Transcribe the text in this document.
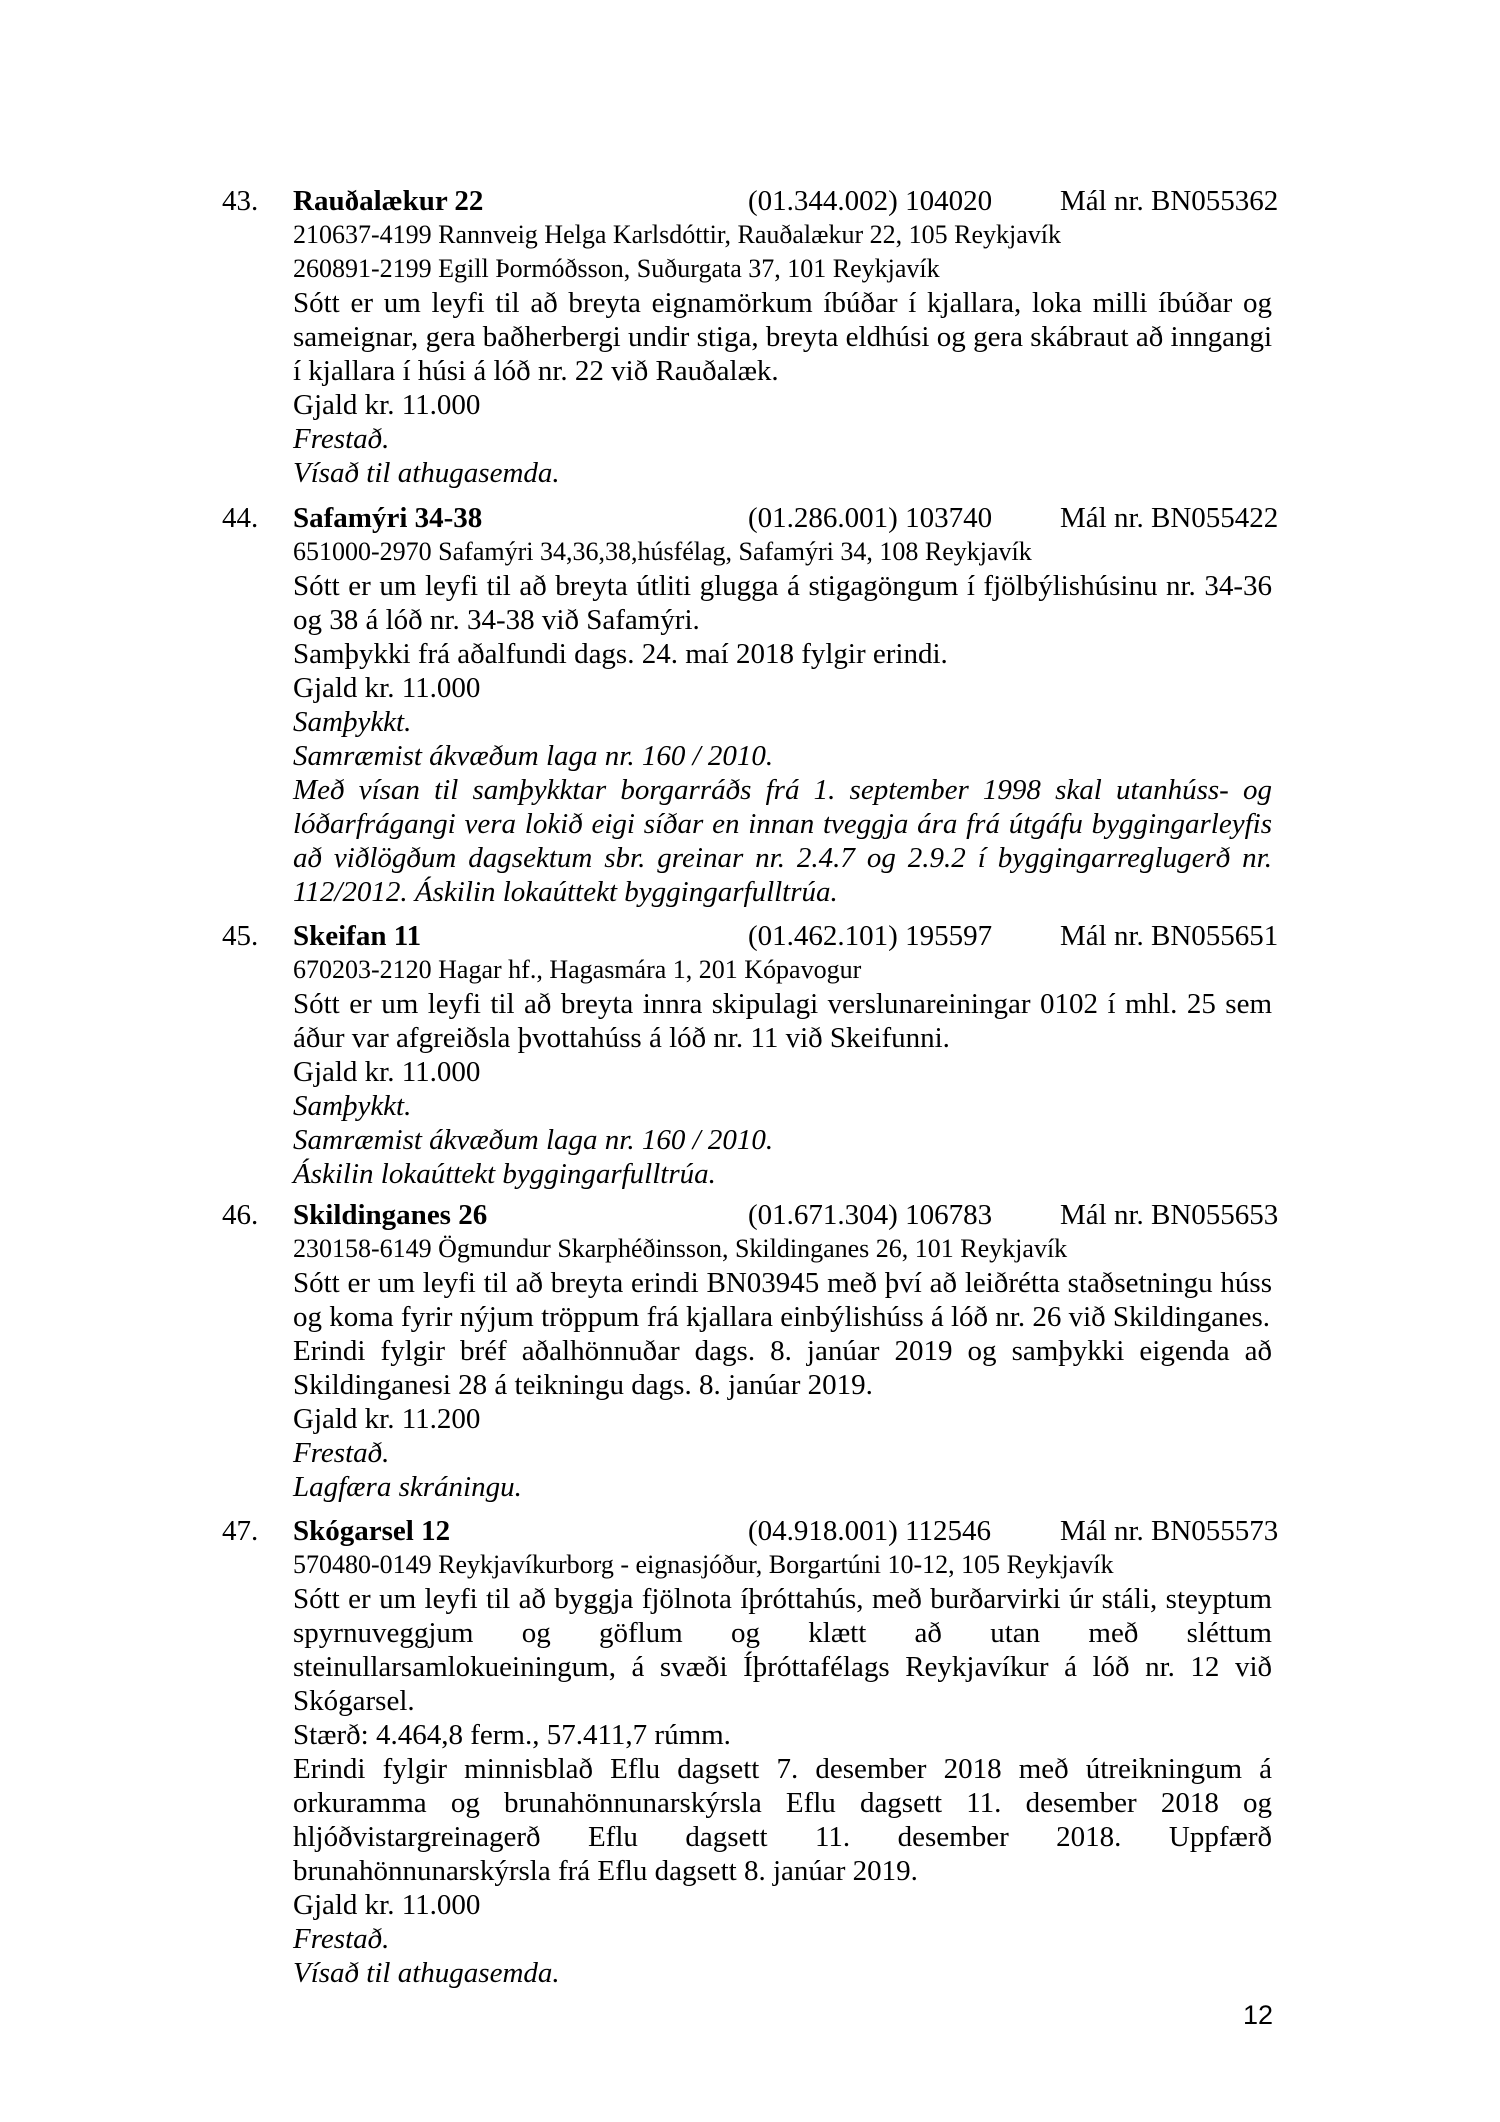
43. Rauðalækur 22	(01.344.002) 104020 Mál nr. BN055362

210637-4199 Rannveig Helga Karlsdóttir, Rauðalækur 22, 105 Reykjavík

260891-2199 Egill Þormóðsson, Suðurgata 37, 101 Reykjavík

Sótt er um leyfi til að breyta eignamörkum íbúðar í kjallara, loka milli íbúðar og sameignar, gera baðherbergi undir stiga, breyta eldhúsi og gera skábraut að inngangi í kjallara í húsi á lóð nr. 22 við Rauðalæk.

Gjald kr. 11.000

Frestað.

Vísað til athugasemda.

44. Safamýri 34-38	(01.286.001) 103740 Mál nr. BN055422

651000-2970 Safamýri 34,36,38,húsfélag, Safamýri 34, 108 Reykjavík

Sótt er um leyfi til að breyta útliti glugga á stigagöngum í fjölbýlishúsinu nr. 34-36 og 38 á lóð nr. 34-38 við Safamýri.

Samþykki frá aðalfundi dags. 24. maí 2018 fylgir erindi.

Gjald kr. 11.000

Samþykkt.

Samræmist ákvæðum laga nr. 160 / 2010.

Með vísan til samþykktar borgarráðs frá 1. september 1998 skal utanhúss- og lóðarfrágangi vera lokið eigi síðar en innan tveggja ára frá útgáfu byggingarleyfis að viðlögðum dagsektum sbr. greinar nr. 2.4.7 og 2.9.2 í byggingarreglugerð nr. 112/2012. Áskilin lokaúttekt byggingarfulltrúa.

45. Skeifan 11	(01.462.101) 195597 Mál nr. BN055651

670203-2120 Hagar hf., Hagasmára 1, 201 Kópavogur

Sótt er um leyfi til að breyta innra skipulagi verslunareiningar 0102 í mhl. 25 sem áður var afgreiðsla þvottahúss á lóð nr. 11 við Skeifunni.

Gjald kr. 11.000

Samþykkt.

Samræmist ákvæðum laga nr. 160 / 2010.

Áskilin lokaúttekt byggingarfulltrúa.

46. Skildinganes 26	(01.671.304) 106783 Mál nr. BN055653

230158-6149 Ögmundur Skarphéðinsson, Skildinganes 26, 101 Reykjavík

Sótt er um leyfi til að breyta erindi BN03945 með því að leiðrétta staðsetningu húss og koma fyrir nýjum tröppum frá kjallara einbýlishúss á lóð nr. 26 við Skildinganes.

Erindi fylgir bréf aðalhönnuðar dags. 8. janúar 2019 og samþykki eigenda að Skildinganesi 28 á teikningu dags. 8. janúar 2019.

Gjald kr. 11.200

Frestað.

Lagfæra skráningu.

47. Skógarsel 12	(04.918.001) 112546 Mál nr. BN055573

570480-0149 Reykjavíkurborg - eignasjóður, Borgartúni 10-12, 105 Reykjavík

Sótt er um leyfi til að byggja fjölnota íþróttahús, með burðarvirki úr stáli, steyptum spyrnuveggjum og göflum og klætt að utan með sléttum steinullarsamlokueiningum, á svæði Íþróttafélags Reykjavíkur á lóð nr. 12 við Skógarsel.

Stærð: 4.464,8 ferm., 57.411,7 rúmm.

Erindi fylgir minnisblað Eflu dagsett 7. desember 2018 með útreikningum á orkuramma og brunahönnunarskýrsla Eflu dagsett 11. desember 2018 og hljóðvistargreinagerð Eflu dagsett 11. desember 2018. Uppfærð brunahönnunarskýrsla frá Eflu dagsett 8. janúar 2019.

Gjald kr. 11.000

Frestað.

Vísað til athugasemda.

12
